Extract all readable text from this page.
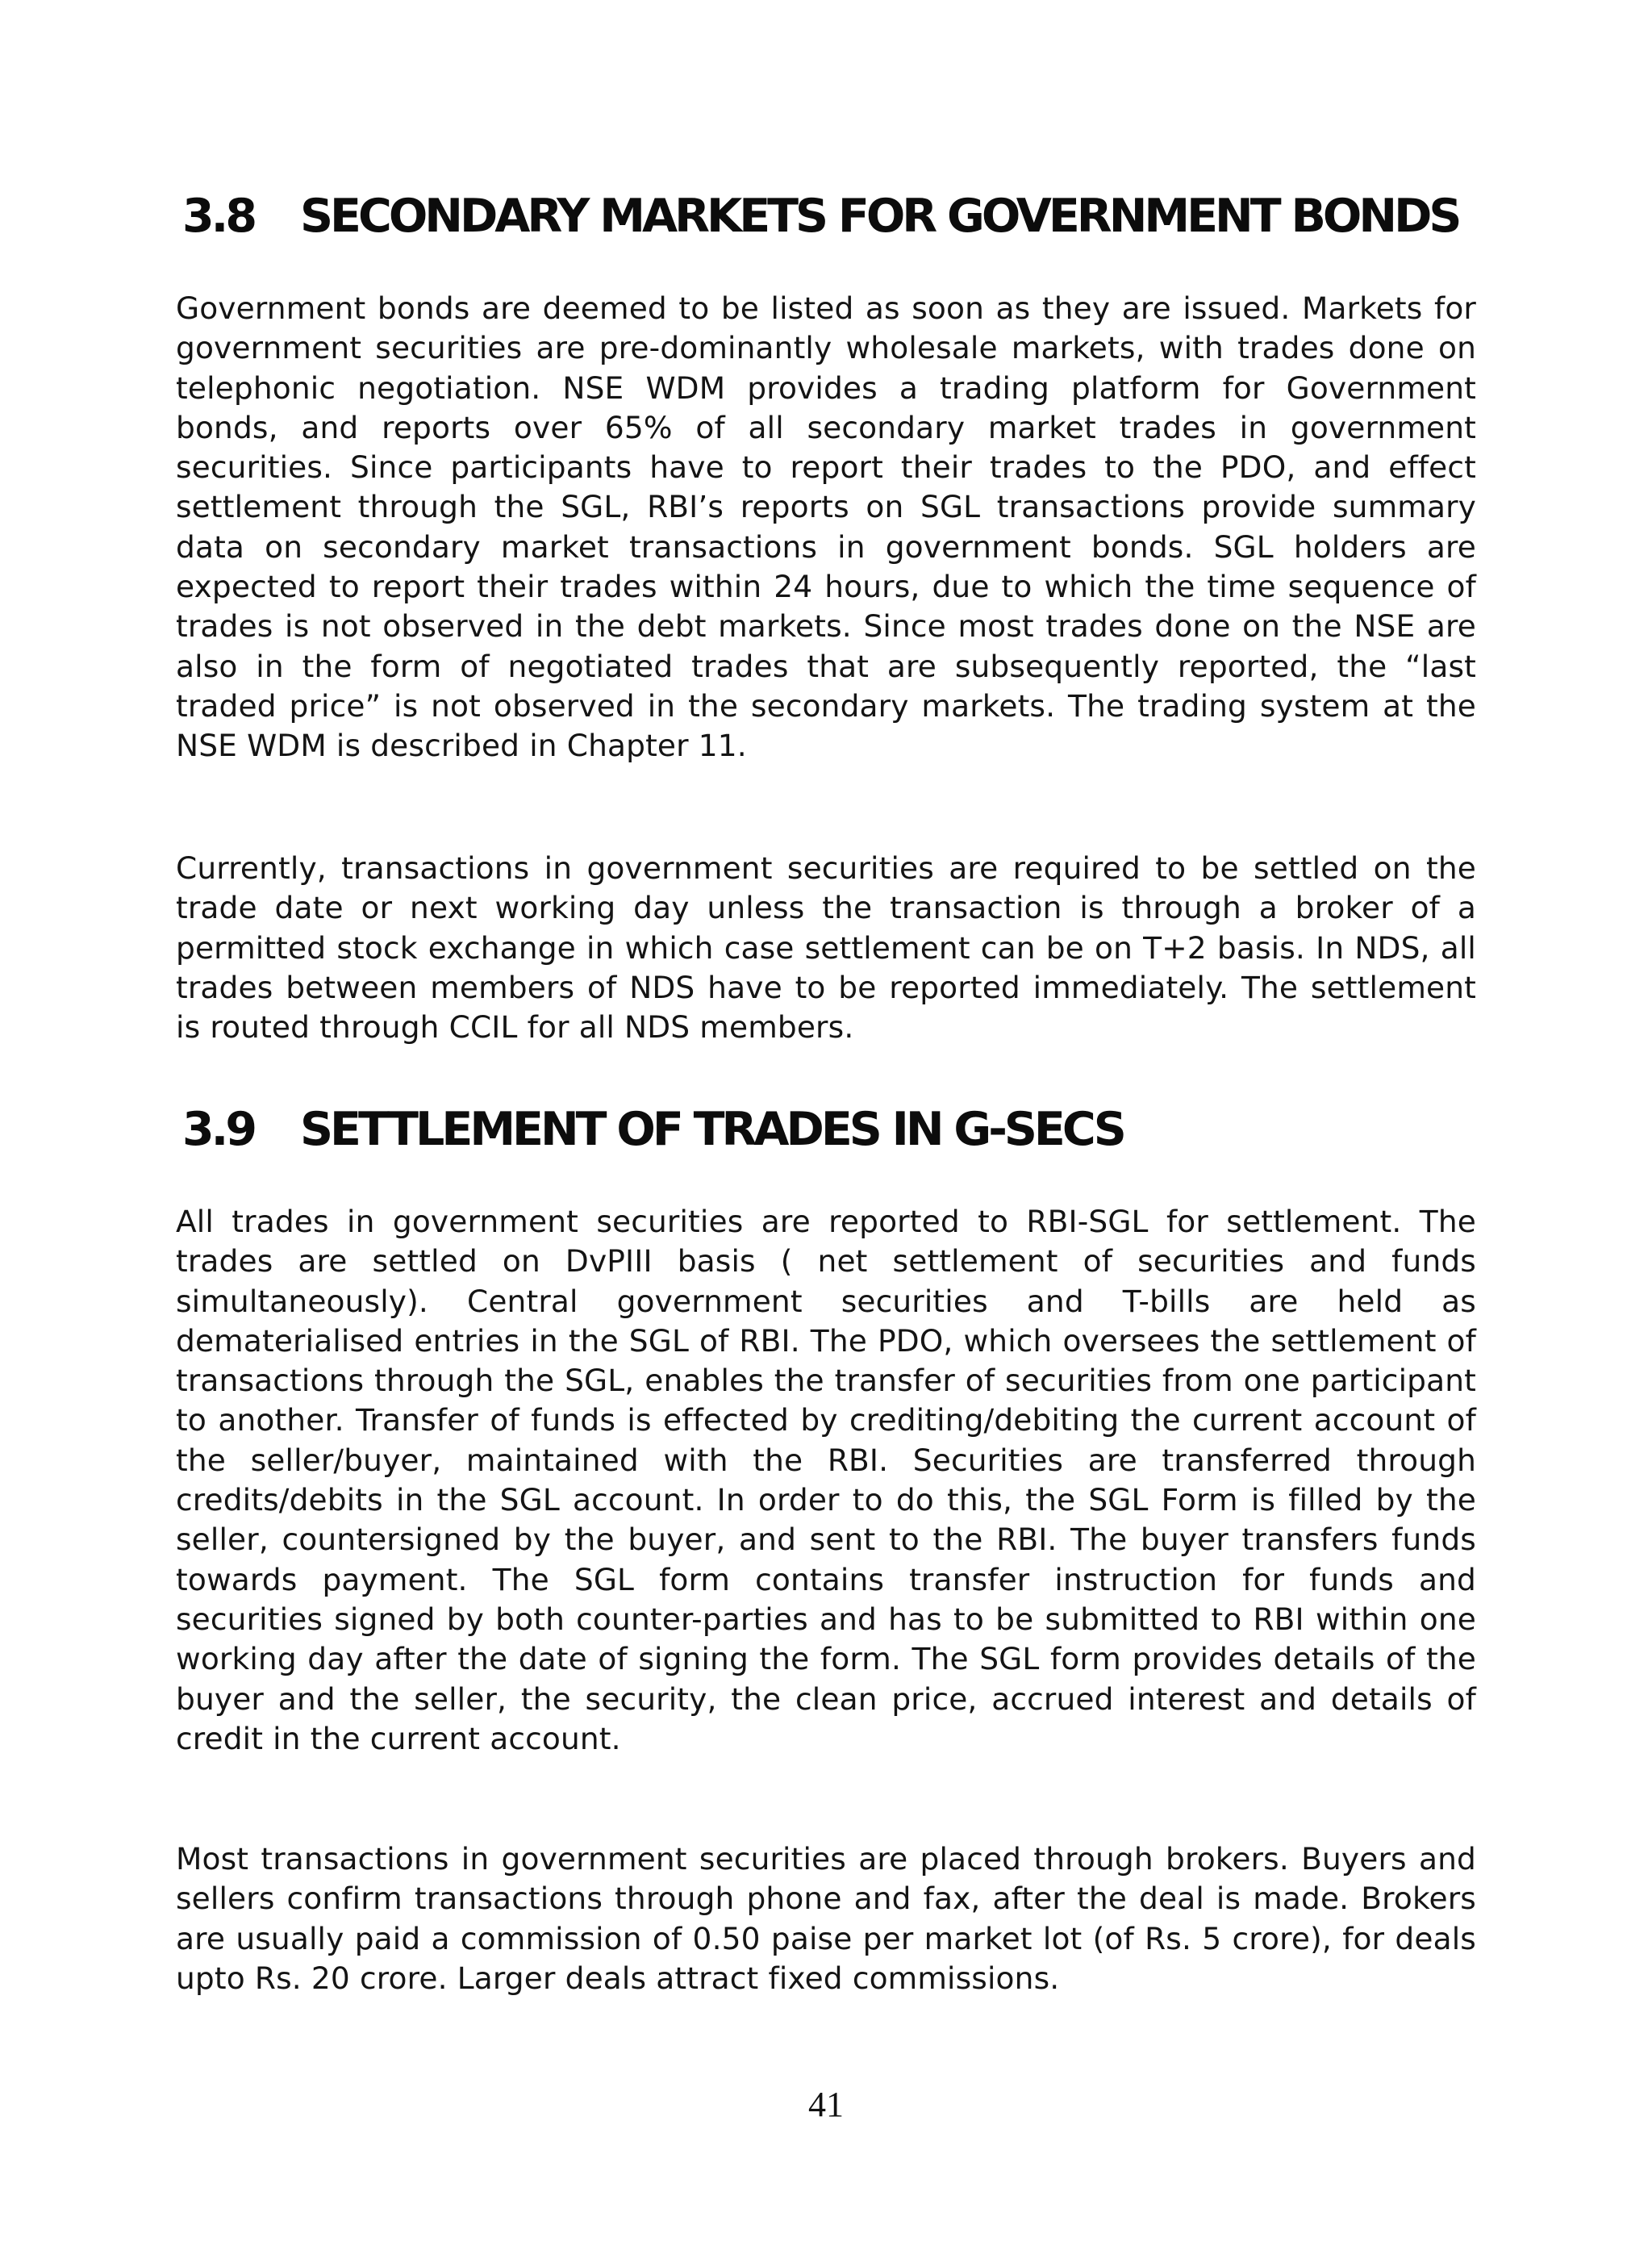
3.8 SECONDARY MARKETS FOR GOVERNMENT BONDS

Government bonds are deemed to be listed as soon as they are issued. Markets for government securities are pre-dominantly wholesale markets, with trades done on telephonic negotiation. NSE WDM provides a trading platform for Government bonds, and reports over 65% of all secondary market trades in government securities. Since participants have to report their trades to the PDO, and effect settlement through the SGL, RBI’s reports on SGL transactions provide summary data on secondary market transactions in government bonds. SGL holders are expected to report their trades within 24 hours, due to which the time sequence of trades is not observed in the debt markets. Since most trades done on the NSE are also in the form of negotiated trades that are subsequently reported, the “last traded price” is not observed in the secondary markets. The trading system at the NSE WDM is described in Chapter 11.

Currently, transactions in government securities are required to be settled on the trade date or next working day unless the transaction is through a broker of a permitted stock exchange in which case settlement can be on T+2 basis. In NDS, all trades between members of NDS have to be reported immediately. The settlement is routed through CCIL for all NDS members.

3.9 SETTLEMENT OF TRADES IN G-SECS

All trades in government securities are reported to RBI-SGL for settlement. The trades are settled on DvPIII basis ( net settlement of securities and funds simultaneously). Central government securities and T-bills are held as dematerialised entries in the SGL of RBI. The PDO, which oversees the settlement of transactions through the SGL, enables the transfer of securities from one participant to another. Transfer of funds is effected by crediting/debiting the current account of the seller/buyer, maintained with the RBI. Securities are transferred through credits/debits in the SGL account. In order to do this, the SGL Form is filled by the seller, countersigned by the buyer, and sent to the RBI. The buyer transfers funds towards payment. The SGL form contains transfer instruction for funds and securities signed by both counter-parties and has to be submitted to RBI within one working day after the date of signing the form. The SGL form provides details of the buyer and the seller, the security, the clean price, accrued interest and details of credit in the current account.

Most transactions in government securities are placed through brokers. Buyers and sellers confirm transactions through phone and fax, after the deal is made. Brokers are usually paid a commission of 0.50 paise per market lot (of Rs. 5 crore), for deals upto Rs. 20 crore. Larger deals attract fixed commissions.

41
